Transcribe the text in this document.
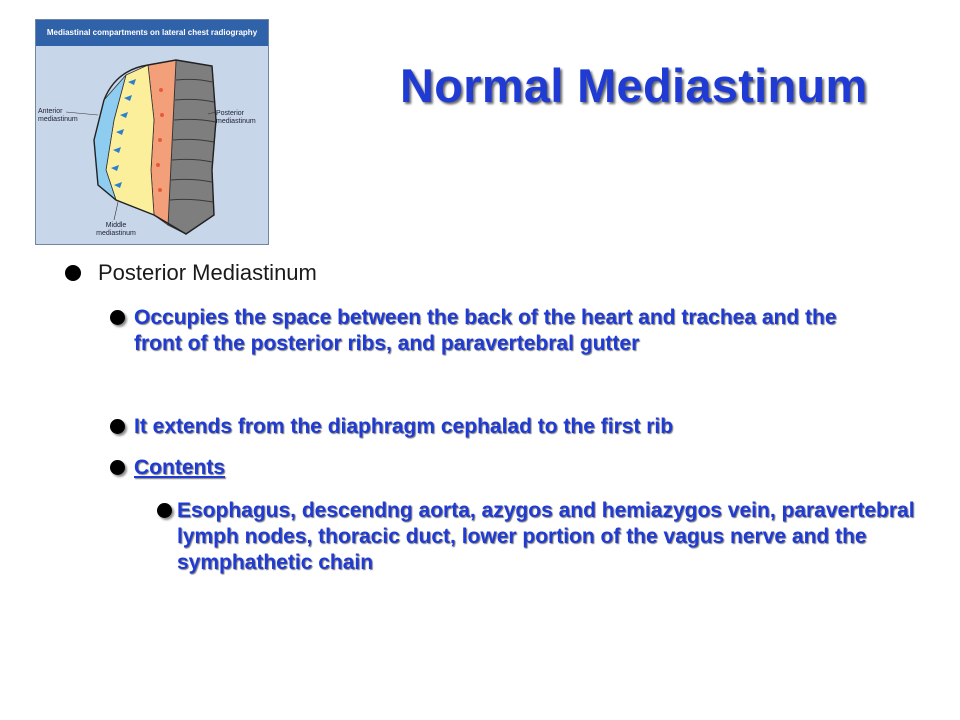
Mediastinal compartments on lateral chest radiography
Anterior
mediastinum
Posterior
mediastinum
Middle
mediastinum
Normal Mediastinum
Posterior Mediastinum
Occupies the space between the back of the heart and trachea and the front of the posterior ribs, and paravertebral gutter
It extends from the diaphragm cephalad to the first rib
Contents
Esophagus, descendng aorta, azygos and hemiazygos vein, paravertebral lymph nodes, thoracic duct, lower portion of the vagus nerve and the symphathetic chain
